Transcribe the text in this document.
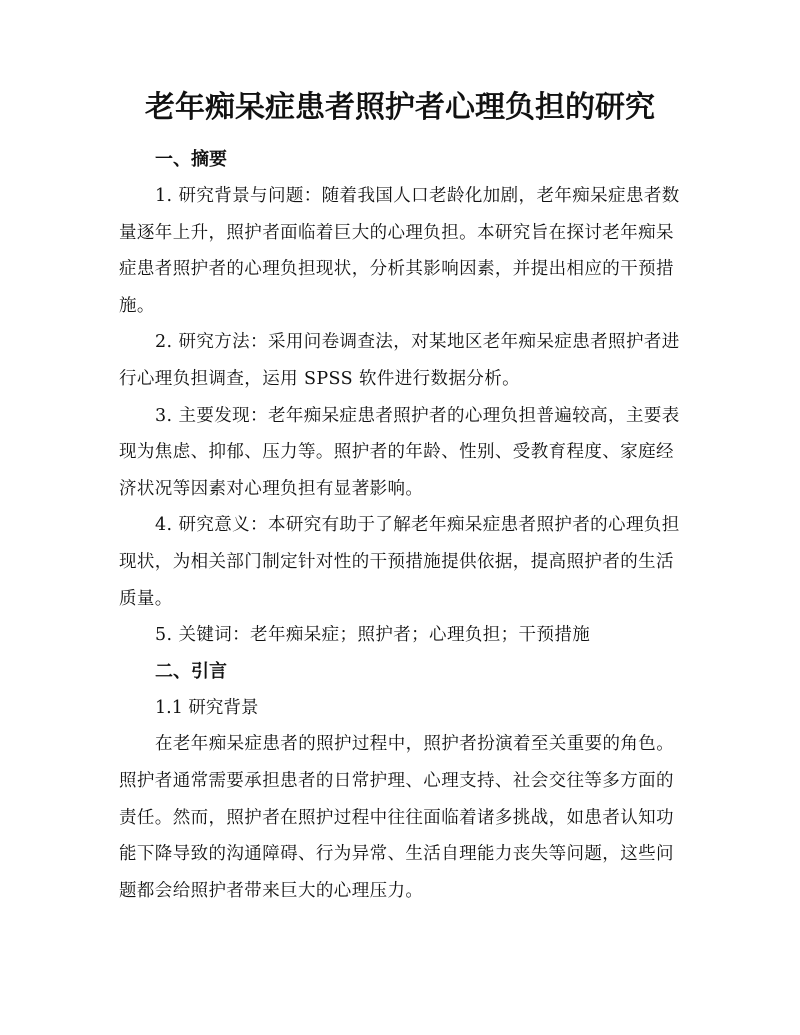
老年痴呆症患者照护者心理负担的研究
一、摘要

1. 研究背景与问题：随着我国人口老龄化加剧，老年痴呆症患者数量逐年上升，照护者面临着巨大的心理负担。本研究旨在探讨老年痴呆症患者照护者的心理负担现状，分析其影响因素，并提出相应的干预措施。

2. 研究方法：采用问卷调查法，对某地区老年痴呆症患者照护者进行心理负担调查，运用 SPSS 软件进行数据分析。

3. 主要发现：老年痴呆症患者照护者的心理负担普遍较高，主要表现为焦虑、抑郁、压力等。照护者的年龄、性别、受教育程度、家庭经济状况等因素对心理负担有显著影响。

4. 研究意义：本研究有助于了解老年痴呆症患者照护者的心理负担现状，为相关部门制定针对性的干预措施提供依据，提高照护者的生活质量。

5. 关键词：老年痴呆症；照护者；心理负担；干预措施

二、引言

1.1 研究背景

在老年痴呆症患者的照护过程中，照护者扮演着至关重要的角色。照护者通常需要承担患者的日常护理、心理支持、社会交往等多方面的责任。然而，照护者在照护过程中往往面临着诸多挑战，如患者认知功能下降导致的沟通障碍、行为异常、生活自理能力丧失等问题，这些问题都会给照护者带来巨大的心理压力。
